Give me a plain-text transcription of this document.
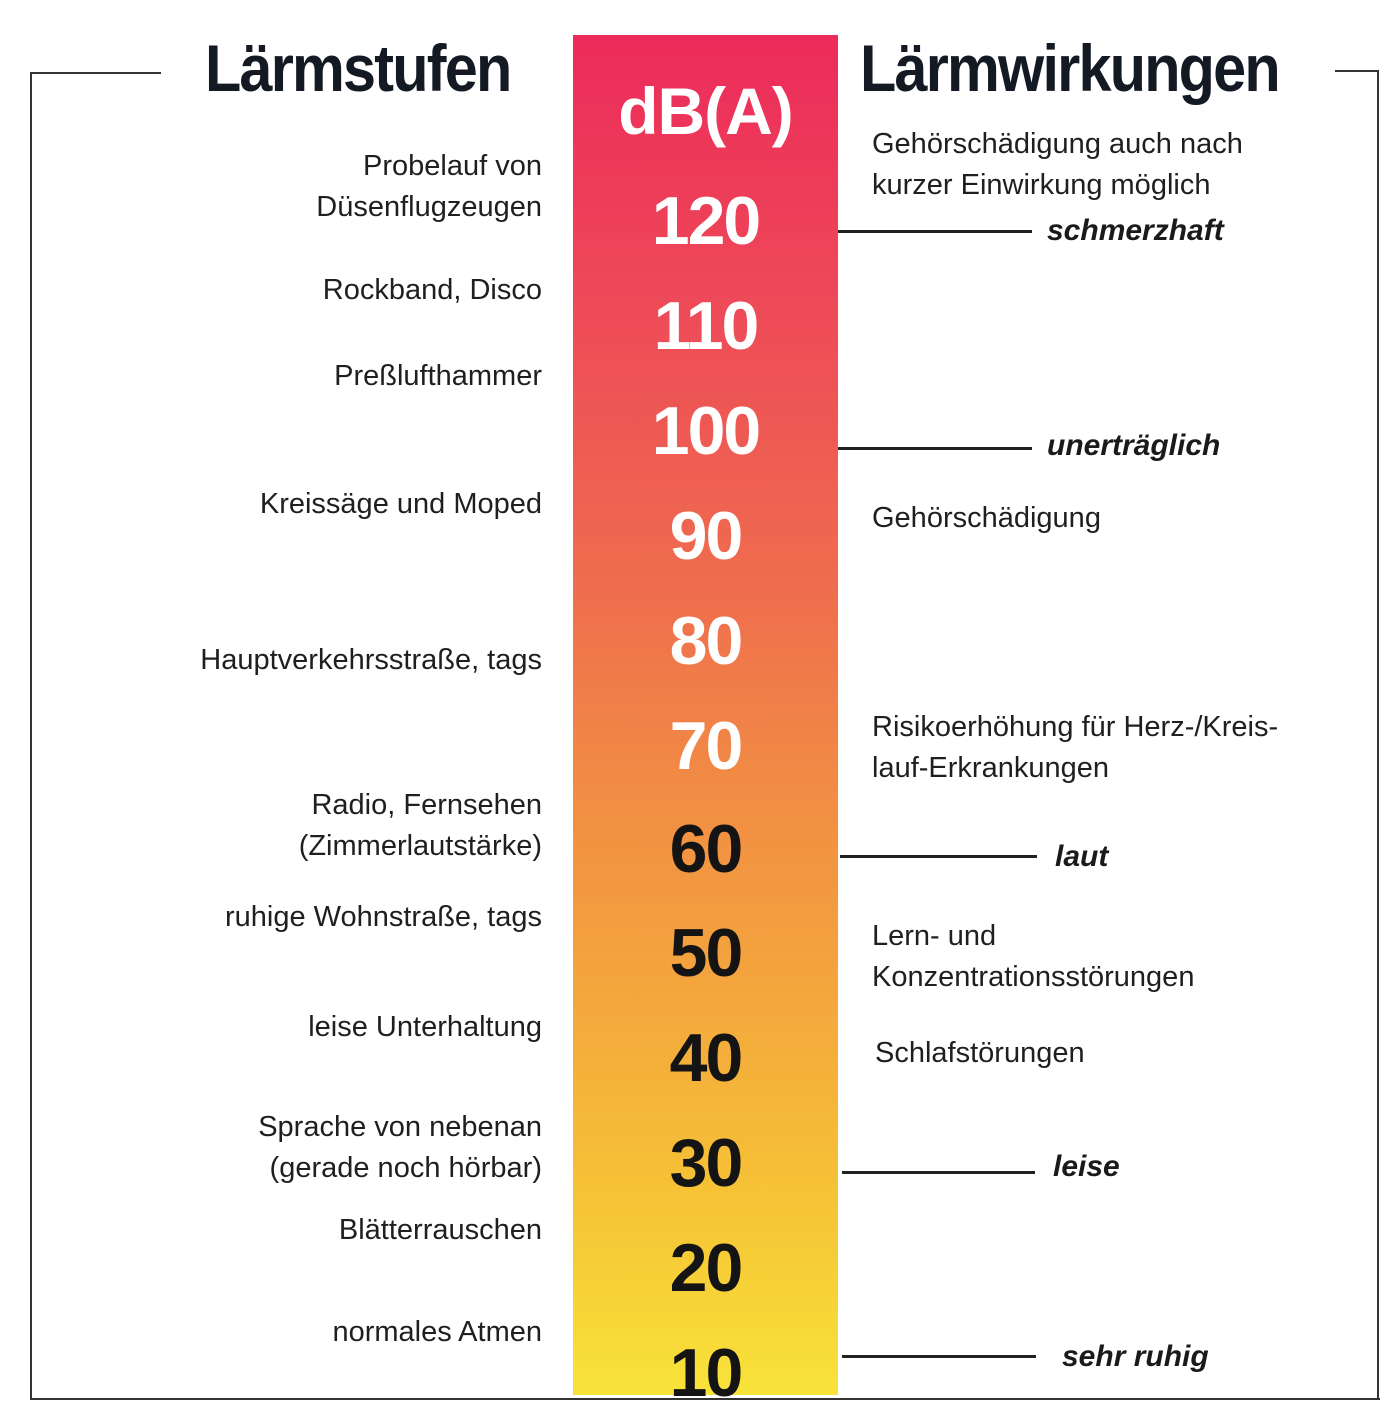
Lärmstufen	Lärmwirkungen
dB(A)
120
110
100
90
80
70
60
50
40
30
20
10
Probelauf von
Düsenflugzeugen
Rockband, Disco
Preßlufthammer
Kreissäge und Moped
Hauptverkehrsstraße, tags
Radio, Fernsehen
(Zimmerlautstärke)
ruhige Wohnstraße, tags
leise Unterhaltung
Sprache von nebenan
(gerade noch hörbar)
Blätterrauschen
normales Atmen
Gehörschädigung auch nach
kurzer Einwirkung möglich
Gehörschädigung
Risikoerhöhung für Herz-/Kreis-
lauf-Erkrankungen
Lern- und
Konzentrationsstörungen
Schlafstörungen
schmerzhaft
unerträglich
laut
leise
sehr ruhig
